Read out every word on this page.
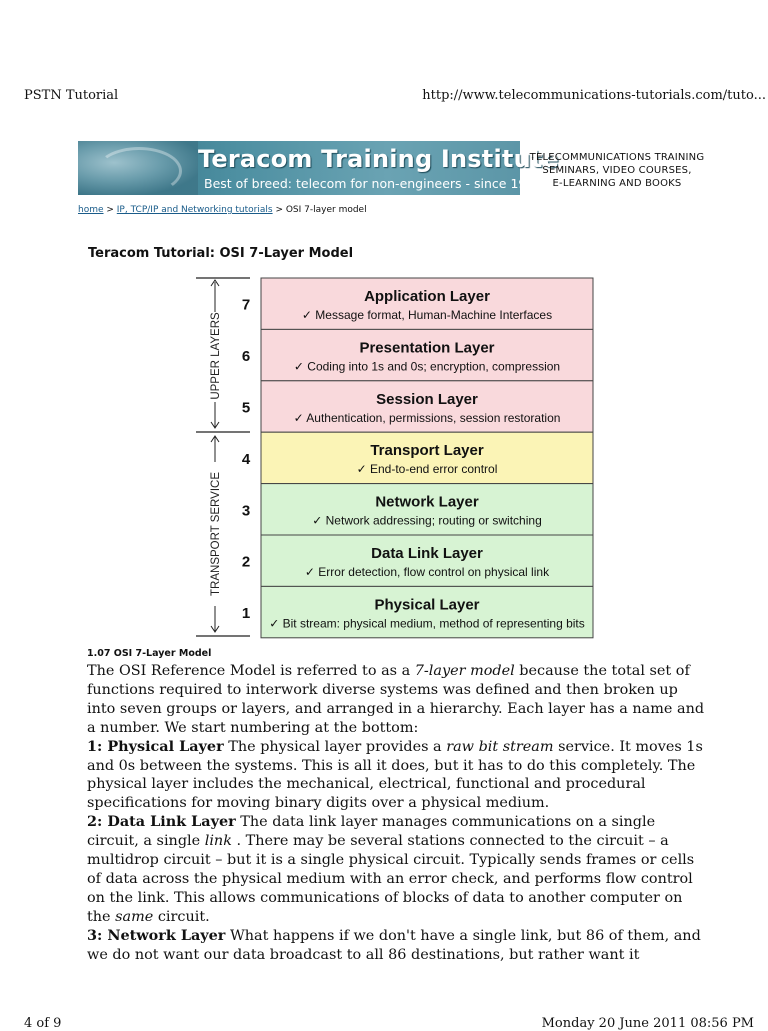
PSTN Tutorial	http://www.telecommunications-tutorials.com/tuto...
Teracom Training Institute
Best of breed: telecom for non-engineers - since 1992
TELECOMMUNICATIONS TRAINING
SEMINARS, VIDEO COURSES,
E-LEARNING AND BOOKS
home > IP, TCP/IP and Networking tutorials > OSI 7-layer model
Teracom Tutorial: OSI 7-Layer Model
7
Application Layer
✓ Message format, Human-Machine Interfaces
6
Presentation Layer
✓ Coding into 1s and 0s; encryption, compression
5
Session Layer
✓ Authentication, permissions, session restoration
4
Transport Layer
✓ End-to-end error control
3
Network Layer
✓ Network addressing; routing or switching
2
Data Link Layer
✓ Error detection, flow control on physical link
1
Physical Layer
✓ Bit stream: physical medium, method of representing bits
UPPER LAYERS
TRANSPORT SERVICE
1.07 OSI 7-Layer Model

The OSI Reference Model is referred to as a 7-layer model because the total set of functions required to interwork diverse systems was defined and then broken up into seven groups or layers, and arranged in a hierarchy. Each layer has a name and a number. We start numbering at the bottom:

1: Physical Layer The physical layer provides a raw bit stream service. It moves 1s and 0s between the systems. This is all it does, but it has to do this completely. The physical layer includes the mechanical, electrical, functional and procedural specifications for moving binary digits over a physical medium.

2: Data Link Layer The data link layer manages communications on a single circuit, a single link . There may be several stations connected to the circuit – a multidrop circuit – but it is a single physical circuit. Typically sends frames or cells of data across the physical medium with an error check, and performs flow control on the link. This allows communications of blocks of data to another computer on the same circuit.

3: Network Layer What happens if we don't have a single link, but 86 of them, and we do not want our data broadcast to all 86 destinations, but rather want it

4 of 9	Monday 20 June 2011 08:56 PM
